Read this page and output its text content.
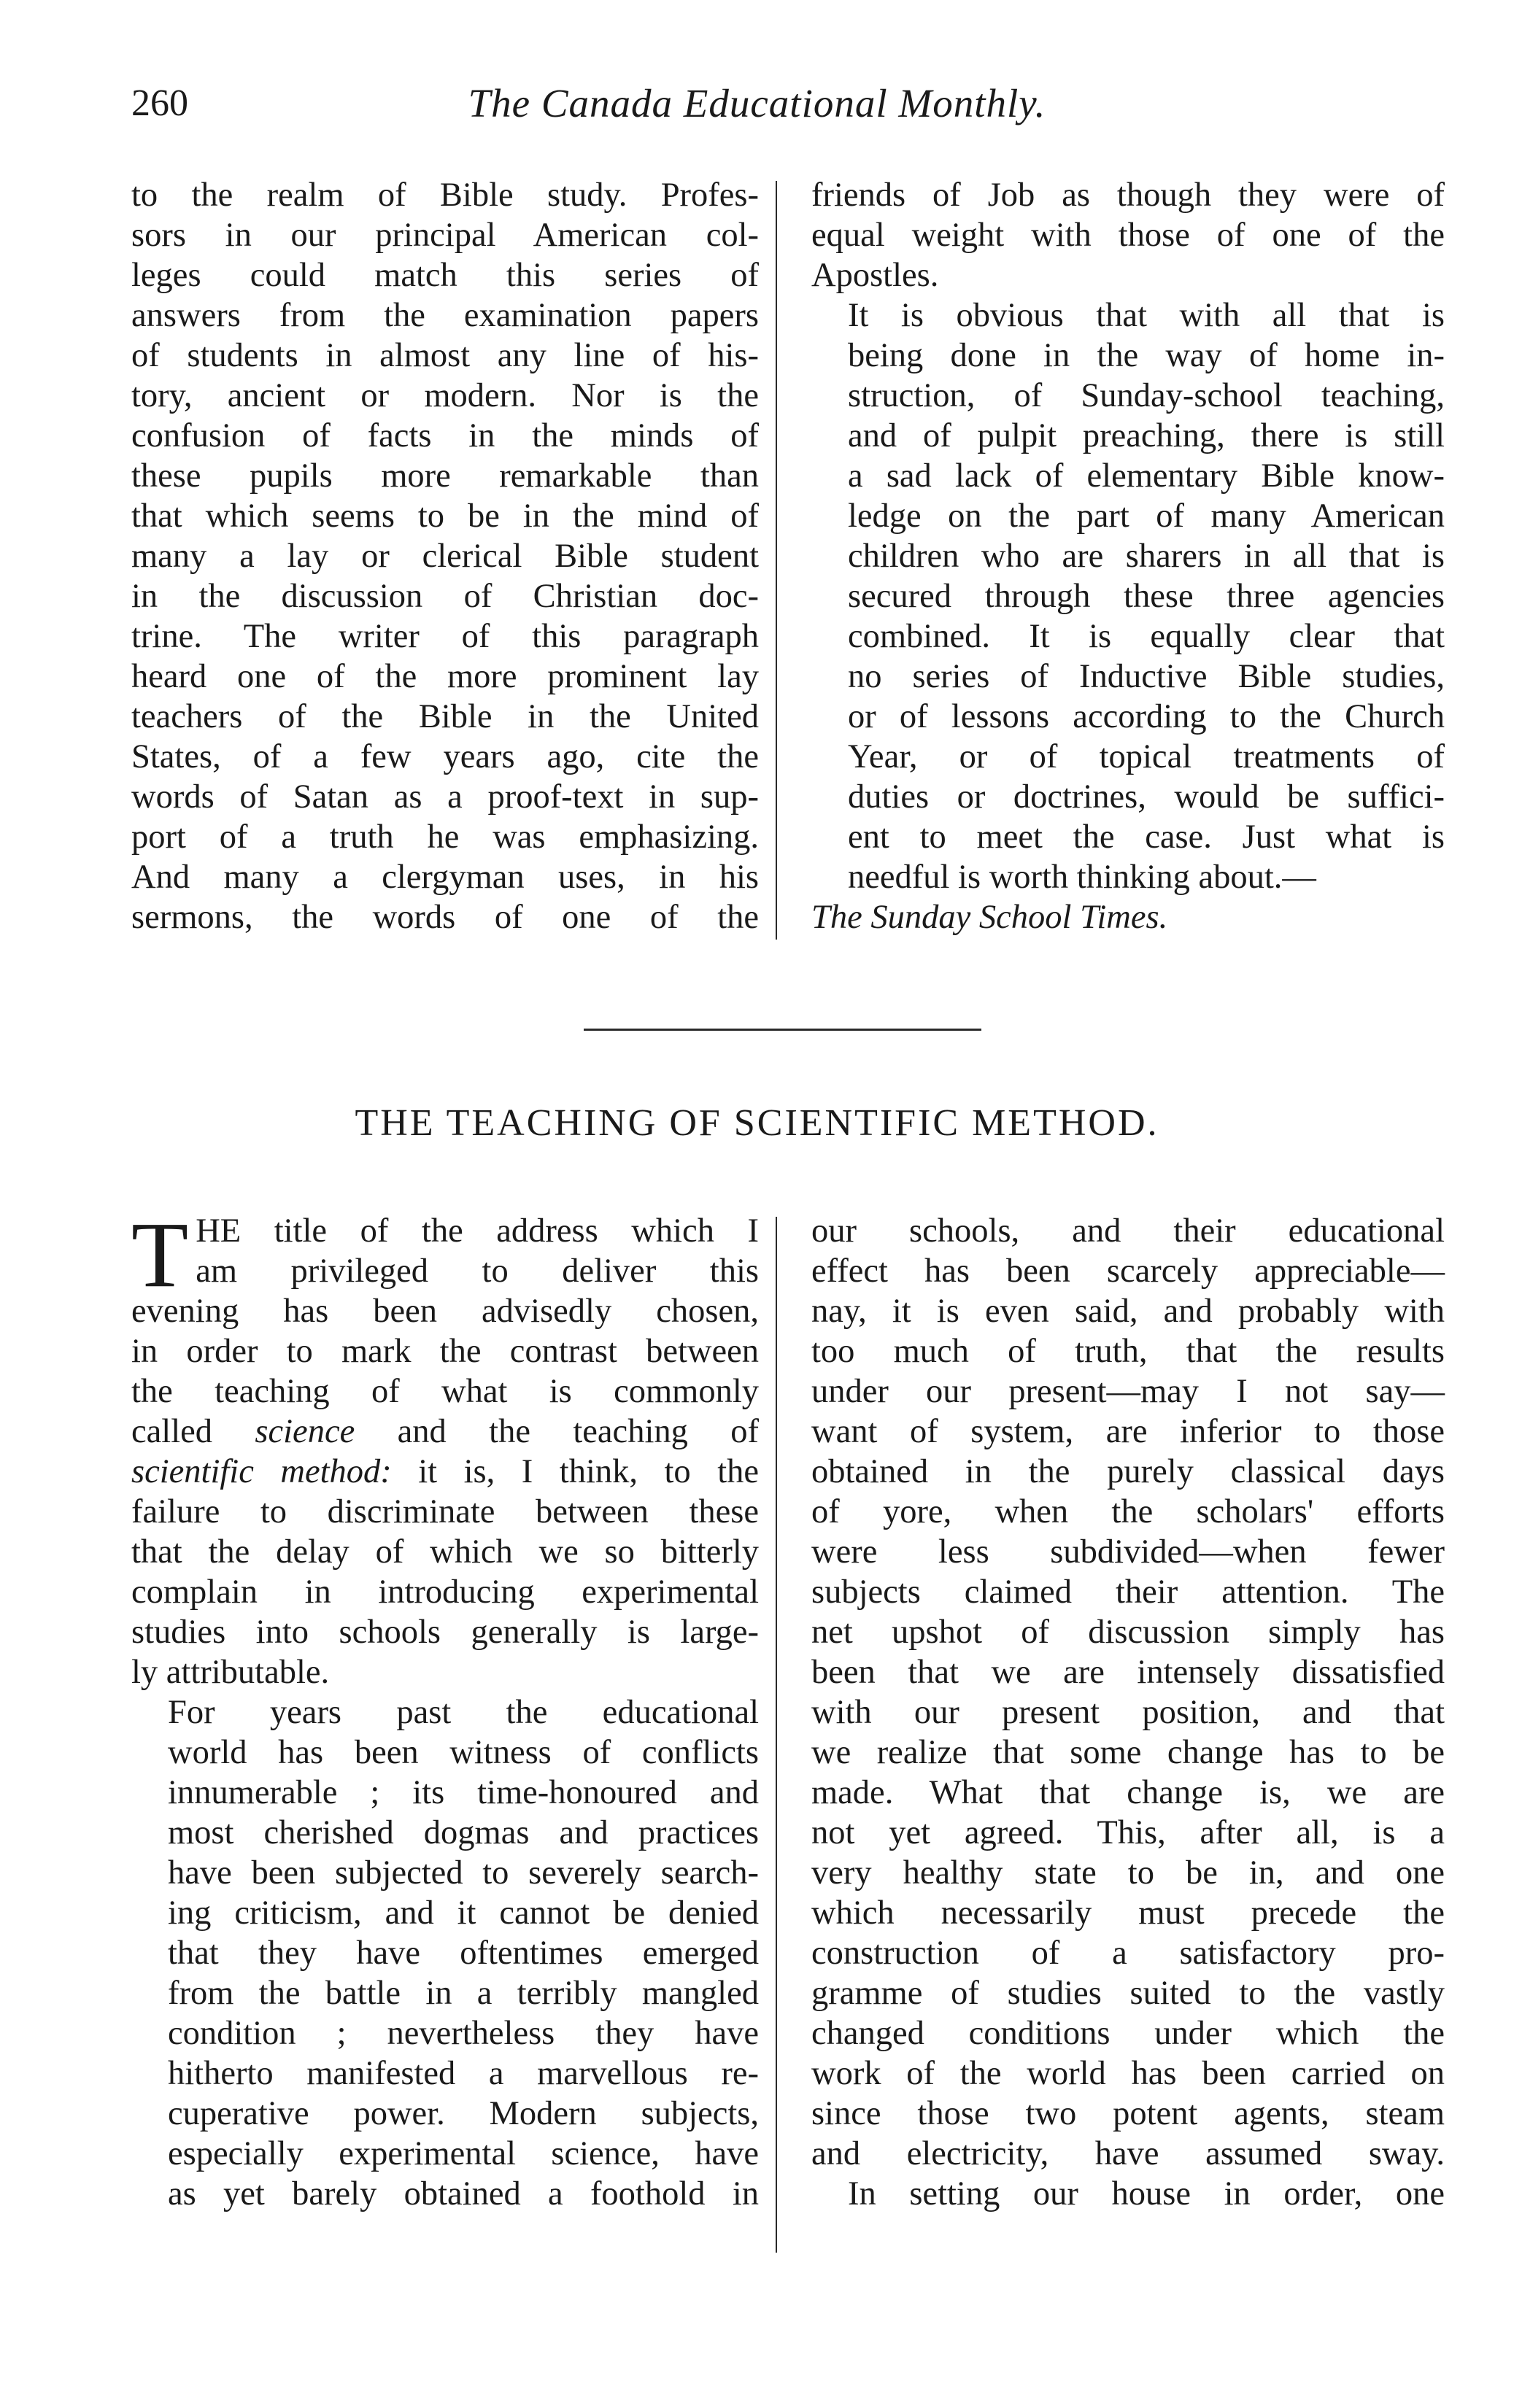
260	The Canada Educational Monthly.

to the realm of Bible study. Profes-
sors in our principal American col-
leges could match this series of
answers from the examination papers
of students in almost any line of his-
tory, ancient or modern. Nor is the
confusion of facts in the minds of
these pupils more remarkable than
that which seems to be in the mind of
many a lay or clerical Bible student
in the discussion of Christian doc-
trine. The writer of this paragraph
heard one of the more prominent lay
teachers of the Bible in the United
States, of a few years ago, cite the
words of Satan as a proof-text in sup-
port of a truth he was emphasizing.
And many a clergyman uses, in his
sermons, the words of one of the

friends of Job as though they were of
equal weight with those of one of the
Apostles.

It is obvious that with all that is
being done in the way of home in-
struction, of Sunday-school teaching,
and of pulpit preaching, there is still
a sad lack of elementary Bible know-
ledge on the part of many American
children who are sharers in all that is
secured through these three agencies
combined. It is equally clear that
no series of Inductive Bible studies,
or of lessons according to the Church
Year, or of topical treatments of
duties or doctrines, would be suffici-
ent to meet the case. Just what is
needful is worth thinking about.—

The Sunday School Times.

THE TEACHING OF SCIENTIFIC METHOD.

T HE title of the address which I
am privileged to deliver this
evening has been advisedly chosen,
in order to mark the contrast between
the teaching of what is commonly
called science and the teaching of
scientific method: it is, I think, to the
failure to discriminate between these
that the delay of which we so bitterly
complain in introducing experimental
studies into schools generally is large-
ly attributable.

For years past the educational
world has been witness of conflicts
innumerable ; its time-honoured and
most cherished dogmas and practices
have been subjected to severely search-
ing criticism, and it cannot be denied
that they have oftentimes emerged
from the battle in a terribly mangled
condition ; nevertheless they have
hitherto manifested a marvellous re-
cuperative power. Modern subjects,
especially experimental science, have
as yet barely obtained a foothold in

our schools, and their educational
effect has been scarcely appreciable—
nay, it is even said, and probably with
too much of truth, that the results
under our present—may I not say—
want of system, are inferior to those
obtained in the purely classical days
of yore, when the scholars' efforts
were less subdivided—when fewer
subjects claimed their attention. The
net upshot of discussion simply has
been that we are intensely dissatisfied
with our present position, and that
we realize that some change has to be
made. What that change is, we are
not yet agreed. This, after all, is a
very healthy state to be in, and one
which necessarily must precede the
construction of a satisfactory pro-
gramme of studies suited to the vastly
changed conditions under which the
work of the world has been carried on
since those two potent agents, steam
and electricity, have assumed sway.

In setting our house in order, one
